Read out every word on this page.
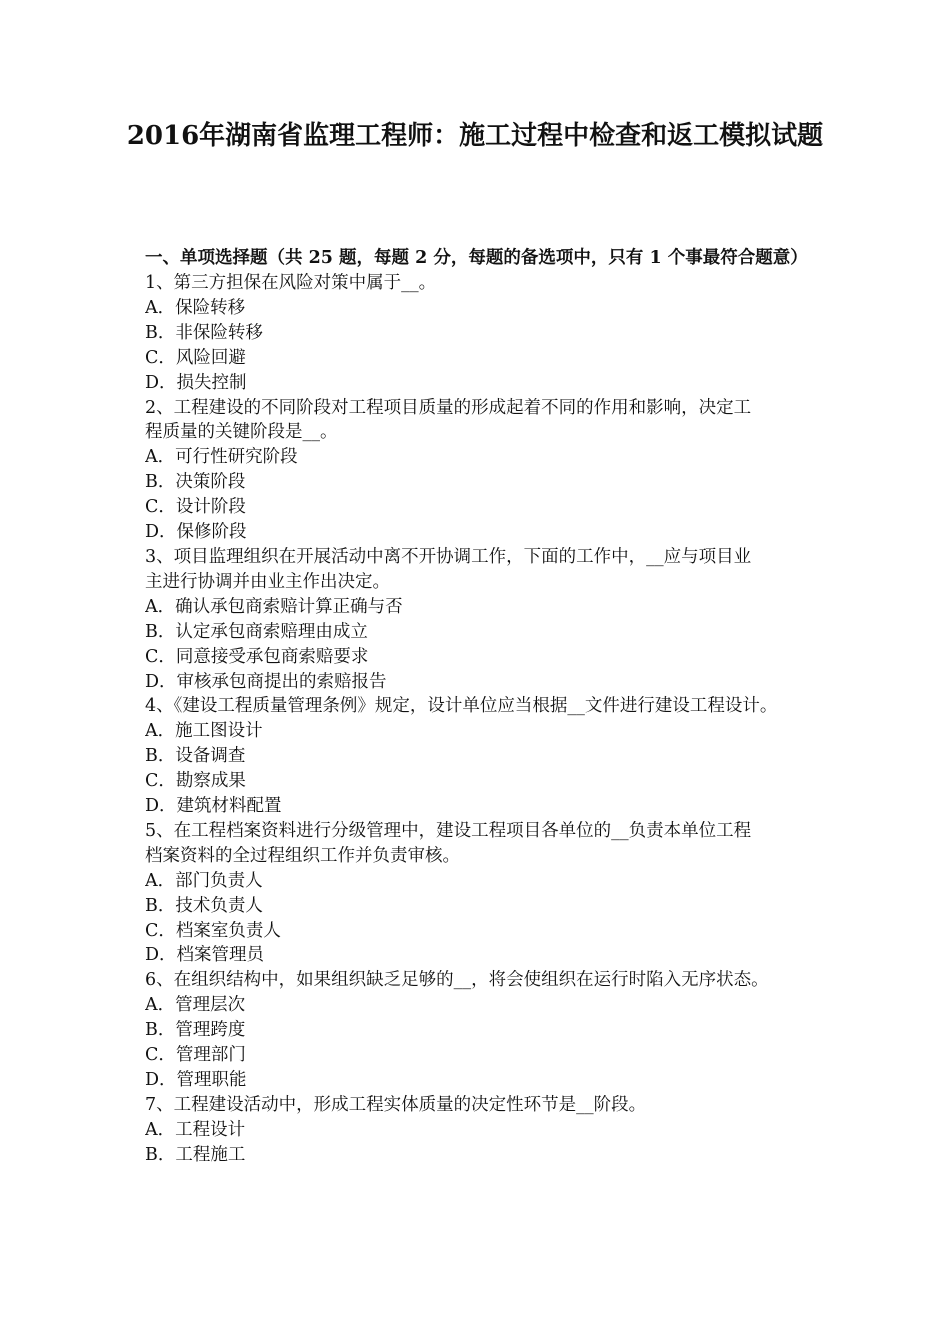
2016年湖南省监理工程师：施工过程中检查和返工模拟试题
一、单项选择题（共 25 题，每题 2 分，每题的备选项中，只有 1 个事最符合题意）
1、第三方担保在风险对策中属于__。
A．保险转移
B．非保险转移
C．风险回避
D．损失控制
2、工程建设的不同阶段对工程项目质量的形成起着不同的作用和影响，决定工
程质量的关键阶段是__。
A．可行性研究阶段
B．决策阶段
C．设计阶段
D．保修阶段
3、项目监理组织在开展活动中离不开协调工作，下面的工作中，__应与项目业
主进行协调并由业主作出决定。
A．确认承包商索赔计算正确与否
B．认定承包商索赔理由成立
C．同意接受承包商索赔要求
D．审核承包商提出的索赔报告
4、《建设工程质量管理条例》规定，设计单位应当根据__文件进行建设工程设计。
A．施工图设计
B．设备调查
C．勘察成果
D．建筑材料配置
5、在工程档案资料进行分级管理中，建设工程项目各单位的__负责本单位工程
档案资料的全过程组织工作并负责审核。
A．部门负责人
B．技术负责人
C．档案室负责人
D．档案管理员
6、在组织结构中，如果组织缺乏足够的__，将会使组织在运行时陷入无序状态。
A．管理层次
B．管理跨度
C．管理部门
D．管理职能
7、工程建设活动中，形成工程实体质量的决定性环节是__阶段。
A．工程设计
B．工程施工
